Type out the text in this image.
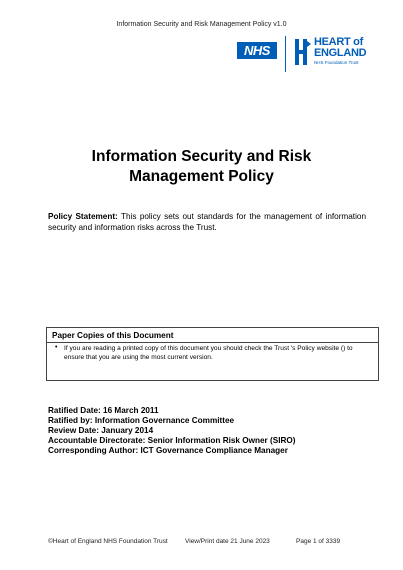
Information Security and Risk Management Policy v1.0
NHS
HEART of
ENGLAND
NHS Foundation Trust
Information Security and Risk
Management Policy
Policy Statement: This policy sets out standards for the management of information security and information risks across the Trust.
Paper Copies of this Document
• If you are reading a printed copy of this document you should check the Trust 's Policy website () to ensure that you are using the most current version.
Ratified Date: 16 March 2011
Ratified by: Information Governance Committee
Review Date: January 2014
Accountable Directorate: Senior Information Risk Owner (SIRO)
Corresponding Author: ICT Governance Compliance Manager
©Heart of England NHS Foundation Trust	View/Print date 21 June 2023	Page 1 of 3339
